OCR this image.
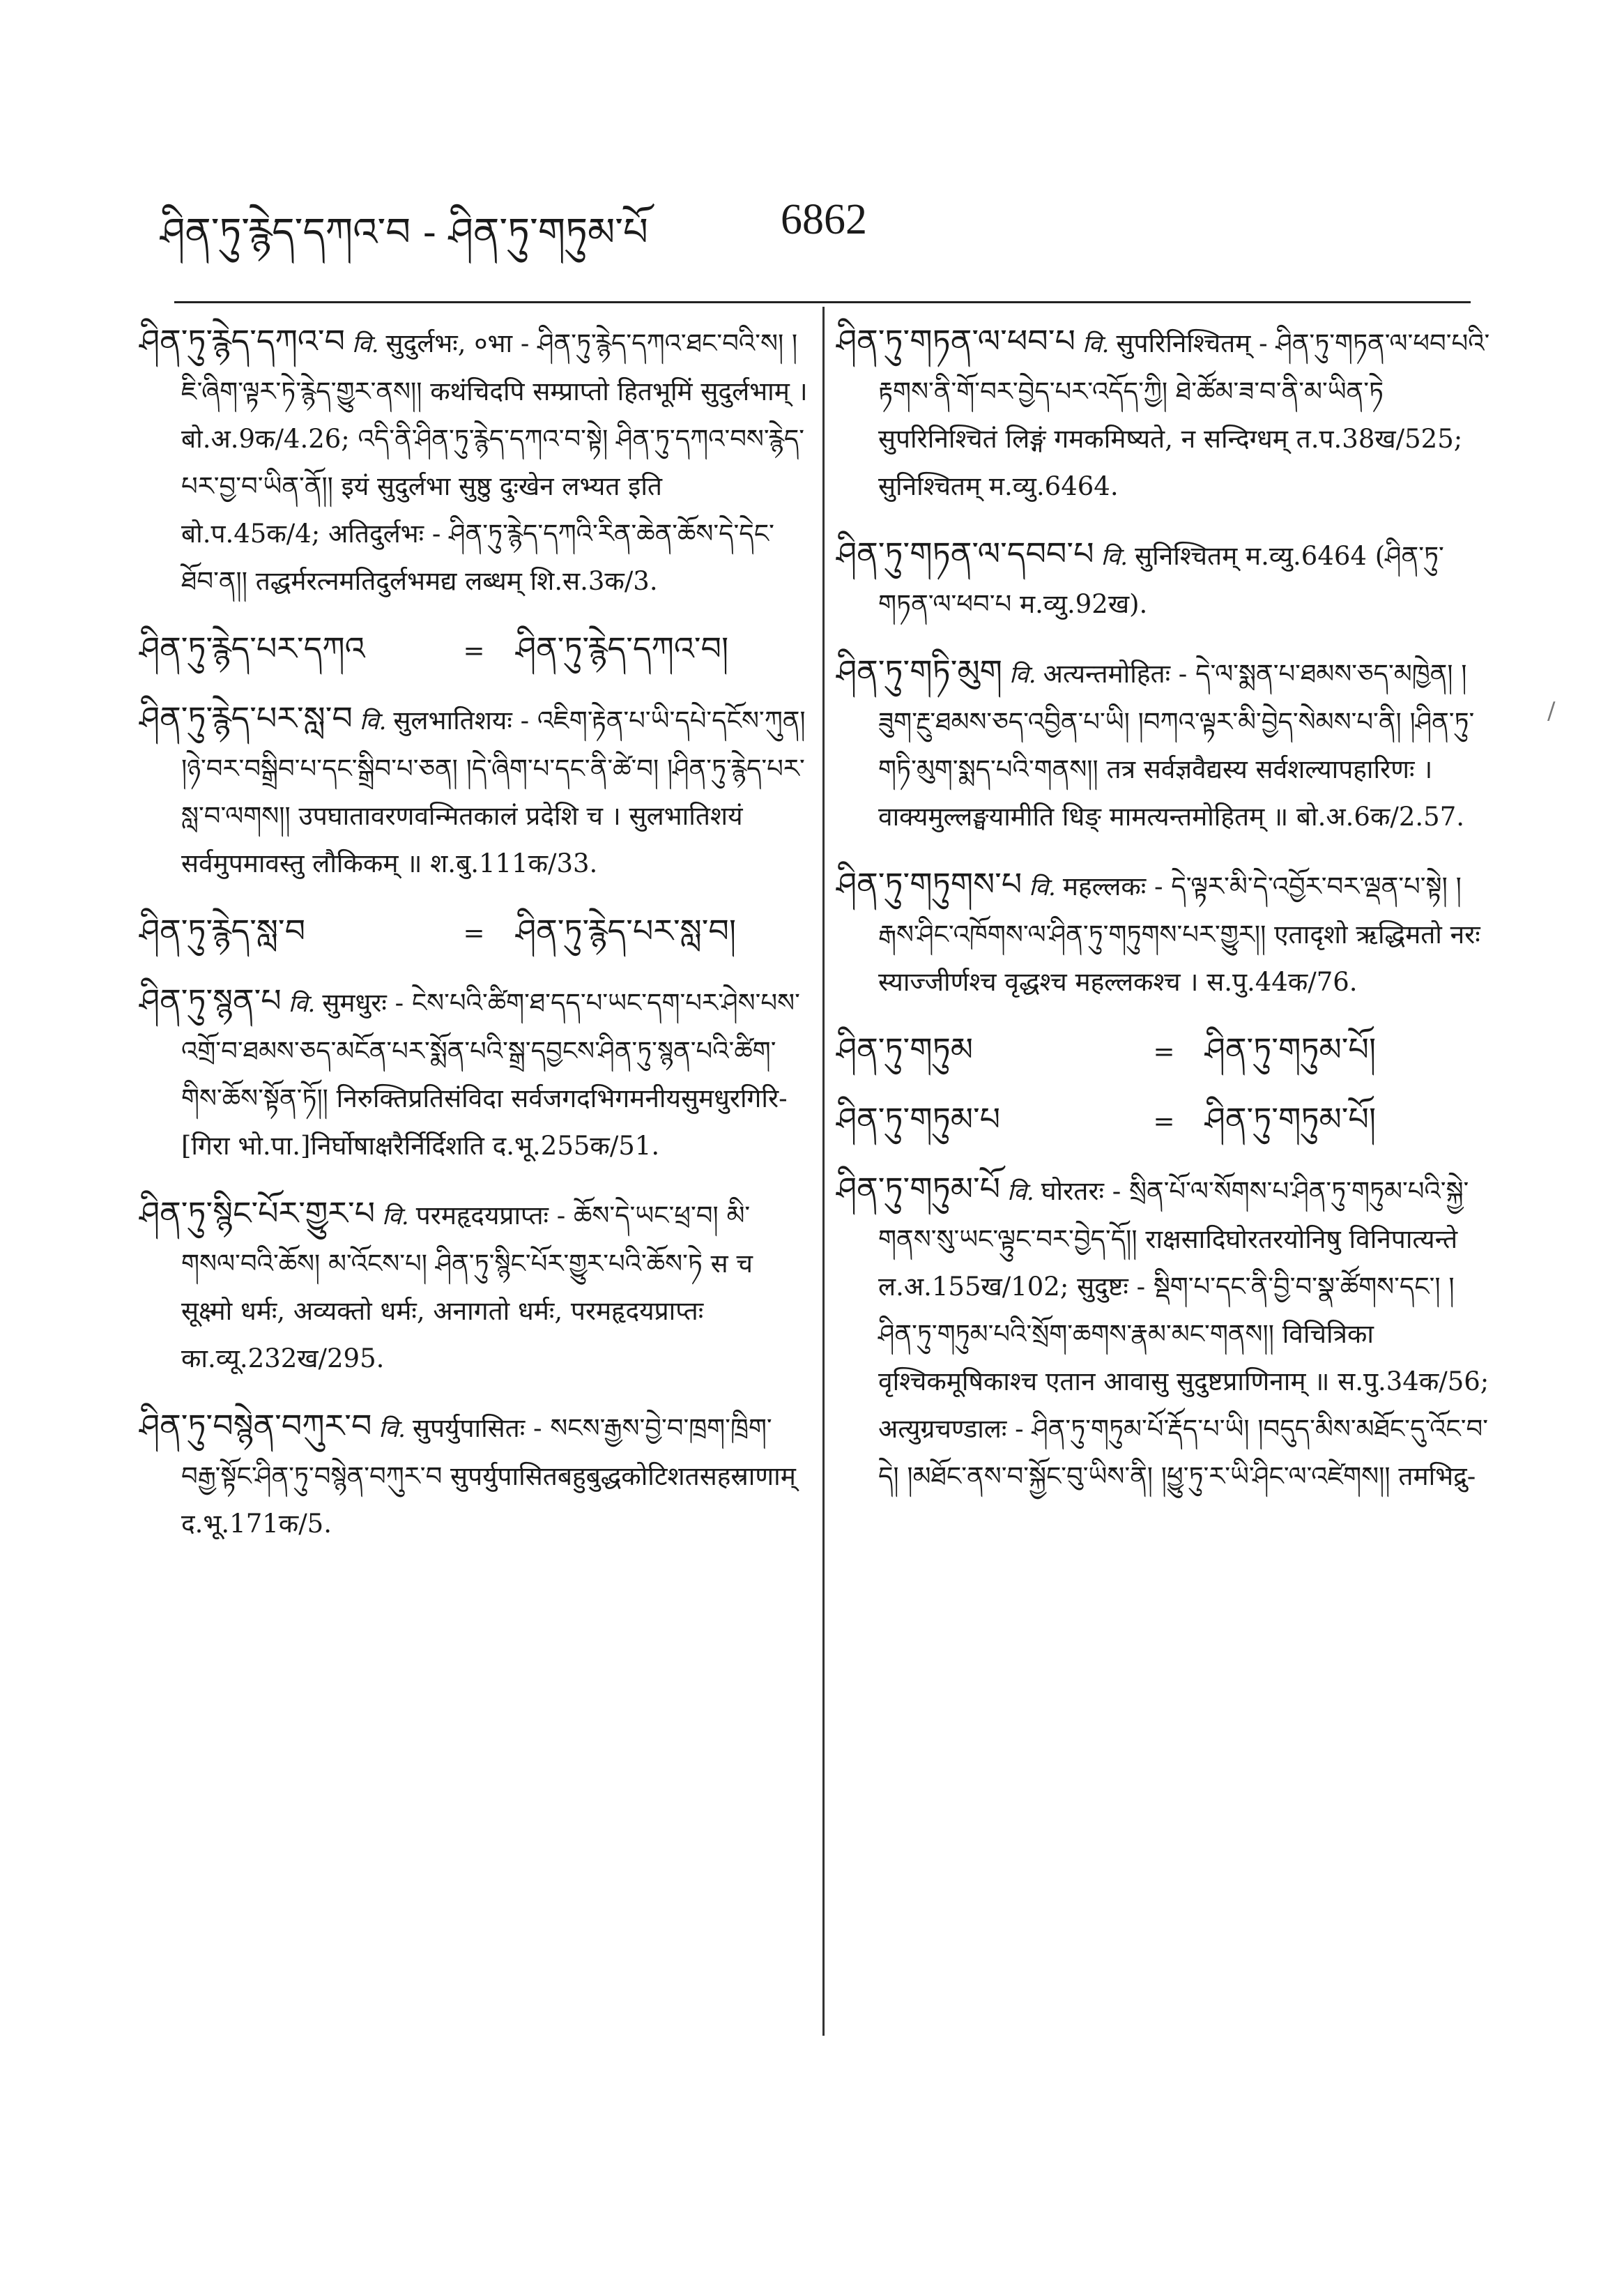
ཤིན་ཏུ་རྙེད་དཀའ་བ - ཤིན་ཏུ་གཏུམ་པོ	6862
ཤིན་ཏུ་རྙེད་དཀའ་བ वि. सुदुर्लभः, ०भा - ཤིན་ཏུ་རྙེད་དཀའ་ཐང་བའི་ས། །ཇི་ཞིག་ལྟར་ཏེ་རྙེད་གྱུར་ནས།། कथंचिदपि सम्प्राप्तो हितभूमिं सुदुर्लभाम् । बो.अ.9क/4.26; འདི་ནི་ཤིན་ཏུ་རྙེད་དཀའ་བ་སྟེ། ཤིན་ཏུ་དཀའ་བས་རྙེད་པར་བྱ་བ་ཡིན་ནོ།། इयं सुदुर्लभा सुष्ठु दुःखेन लभ्यत इति बो.प.45क/4; अतिदुर्लभः - ཤིན་ཏུ་རྙེད་དཀའི་རིན་ཆེན་ཆོས་དེ་དེང་ཐོབ་ན།། तद्धर्मरत्नमतिदुर्लभमद्य लब्धम् शि.स.3क/3.
ཤིན་ཏུ་རྙེད་པར་དཀའ	= ཤིན་ཏུ་རྙེད་དཀའ་བ།
ཤིན་ཏུ་རྙེད་པར་སླ་བ वि. सुलभातिशयः - འཇིག་རྟེན་པ་ཡི་དཔེ་དངོས་ཀུན། །ཉེ་བར་བསྒྲིབ་པ་དང་སྒྲིབ་པ་ཅན། །དེ་ཞིག་པ་དང་ནི་ཚེ་བ། །ཤིན་ཏུ་རྙེད་པར་སླ་བ་ལགས།། उपघातावरणवन्मितकालं प्रदेशि च । सुलभातिशयं सर्वमुपमावस्तु लौकिकम् ॥ श.बु.111क/33.
ཤིན་ཏུ་རྙེད་སླ་བ	= ཤིན་ཏུ་རྙེད་པར་སླ་བ།
ཤིན་ཏུ་སྙན་པ वि. सुमधुरः - ངེས་པའི་ཚིག་ཐ་དད་པ་ཡང་དག་པར་ཤེས་པས་འགྲོ་བ་ཐམས་ཅད་མངོན་པར་སྨོན་པའི་སྒྲ་དབྱངས་ཤིན་ཏུ་སྙན་པའི་ཚིག་གིས་ཆོས་སྟོན་ཏོ།། निरुक्तिप्रतिसंविदा सर्वजगदभिगमनीयसुमधुरगिरि-[गिरा भो.पा.]निर्घोषाक्षरैर्निर्दिशति द.भू.255क/51.
ཤིན་ཏུ་སྙིང་པོར་གྱུར་པ वि. परमहृदयप्राप्तः - ཆོས་དེ་ཡང་ཕྲ་བ། མི་གསལ་བའི་ཆོས། མ་འོངས་པ། ཤིན་ཏུ་སྙིང་པོར་གྱུར་པའི་ཆོས་ཏེ स च सूक्ष्मो धर्मः, अव्यक्तो धर्मः, अनागतो धर्मः, परमहृदयप्राप्तः का.व्यू.232ख/295.
ཤིན་ཏུ་བསྙེན་བཀུར་བ वि. सुपर्युपासितः - སངས་རྒྱས་བྱེ་བ་ཁྲག་ཁྲིག་བརྒྱ་སྟོང་ཤིན་ཏུ་བསྙེན་བཀུར་བ सुपर्युपासितबहुबुद्धकोटिशतसहस्राणाम् द.भू.171क/5.
ཤིན་ཏུ་གཏན་ལ་ཕབ་པ वि. सुपरिनिश्चितम् - ཤིན་ཏུ་གཏན་ལ་ཕབ་པའི་རྟགས་ནི་གོ་བར་བྱེད་པར་འདོད་ཀྱི། ཐེ་ཚོམ་ཟ་བ་ནི་མ་ཡིན་ཏེ सुपरिनिश्चितं लिङ्गं गमकमिष्यते, न सन्दिग्धम् त.प.38ख/525; सुनिश्चितम् म.व्यु.6464.
ཤིན་ཏུ་གཏན་ལ་དབབ་པ वि. सुनिश्चितम् म.व्यु.6464 (ཤིན་ཏུ་གཏན་ལ་ཕབ་པ म.व्यु.92ख).
ཤིན་ཏུ་གཏི་མུག वि. अत्यन्तमोहितः - དེ་ལ་སྨན་པ་ཐམས་ཅད་མཁྱེན། །ཟུག་རྔུ་ཐམས་ཅད་འབྱིན་པ་ཡི། །བཀའ་ལྟར་མི་བྱེད་སེམས་པ་ནི། །ཤིན་ཏུ་གཏི་མུག་སྨད་པའི་གནས།། तत्र सर्वज्ञवैद्यस्य सर्वशल्यापहारिणः । वाक्यमुल्लङ्घयामीति धिङ् मामत्यन्तमोहितम् ॥ बो.अ.6क/2.57.
ཤིན་ཏུ་གཏུགས་པ वि. महल्लकः - དེ་ལྟར་མི་དེ་འབྱོར་བར་ལྡན་པ་སྟེ། །རྒས་ཤིང་འཁོགས་ལ་ཤིན་ཏུ་གཏུགས་པར་གྱུར།། एतादृशो ऋद्धिमतो नरः स्याज्जीर्णश्च वृद्धश्च महल्लकश्च । स.पु.44क/76.
ཤིན་ཏུ་གཏུམ	= ཤིན་ཏུ་གཏུམ་པོ།
ཤིན་ཏུ་གཏུམ་པ	= ཤིན་ཏུ་གཏུམ་པོ།
ཤིན་ཏུ་གཏུམ་པོ वि. घोरतरः - སྲིན་པོ་ལ་སོགས་པ་ཤིན་ཏུ་གཏུམ་པའི་སྐྱེ་གནས་སུ་ཡང་ལྟུང་བར་བྱེད་དོ།། राक्षसादिघोरतरयोनिषु विनिपात्यन्ते ल.अ.155ख/102; सुदुष्टः - སྡིག་པ་དང་ནི་བྱི་བ་སྣ་ཚོགས་དང་། །ཤིན་ཏུ་གཏུམ་པའི་སྲོག་ཆགས་རྣམ་མང་གནས།། विचित्रिका वृश्चिकमूषिकाश्च एतान आवासु सुदुष्टप्राणिनाम् ॥ स.पु.34क/56; अत्युग्रचण्डालः - ཤིན་ཏུ་གཏུམ་པོ་རྡོད་པ་ཡི། །བདུད་མིས་མཐོང་དུ་འོང་བ་དེ། །མཐོང་ནས་བ་སྐྱོང་བུ་ཡིས་ནི། །ཕྱུ་ཏུ་ར་ཡི་ཤིང་ལ་འཛེགས།། तमभिद्रु-
/
